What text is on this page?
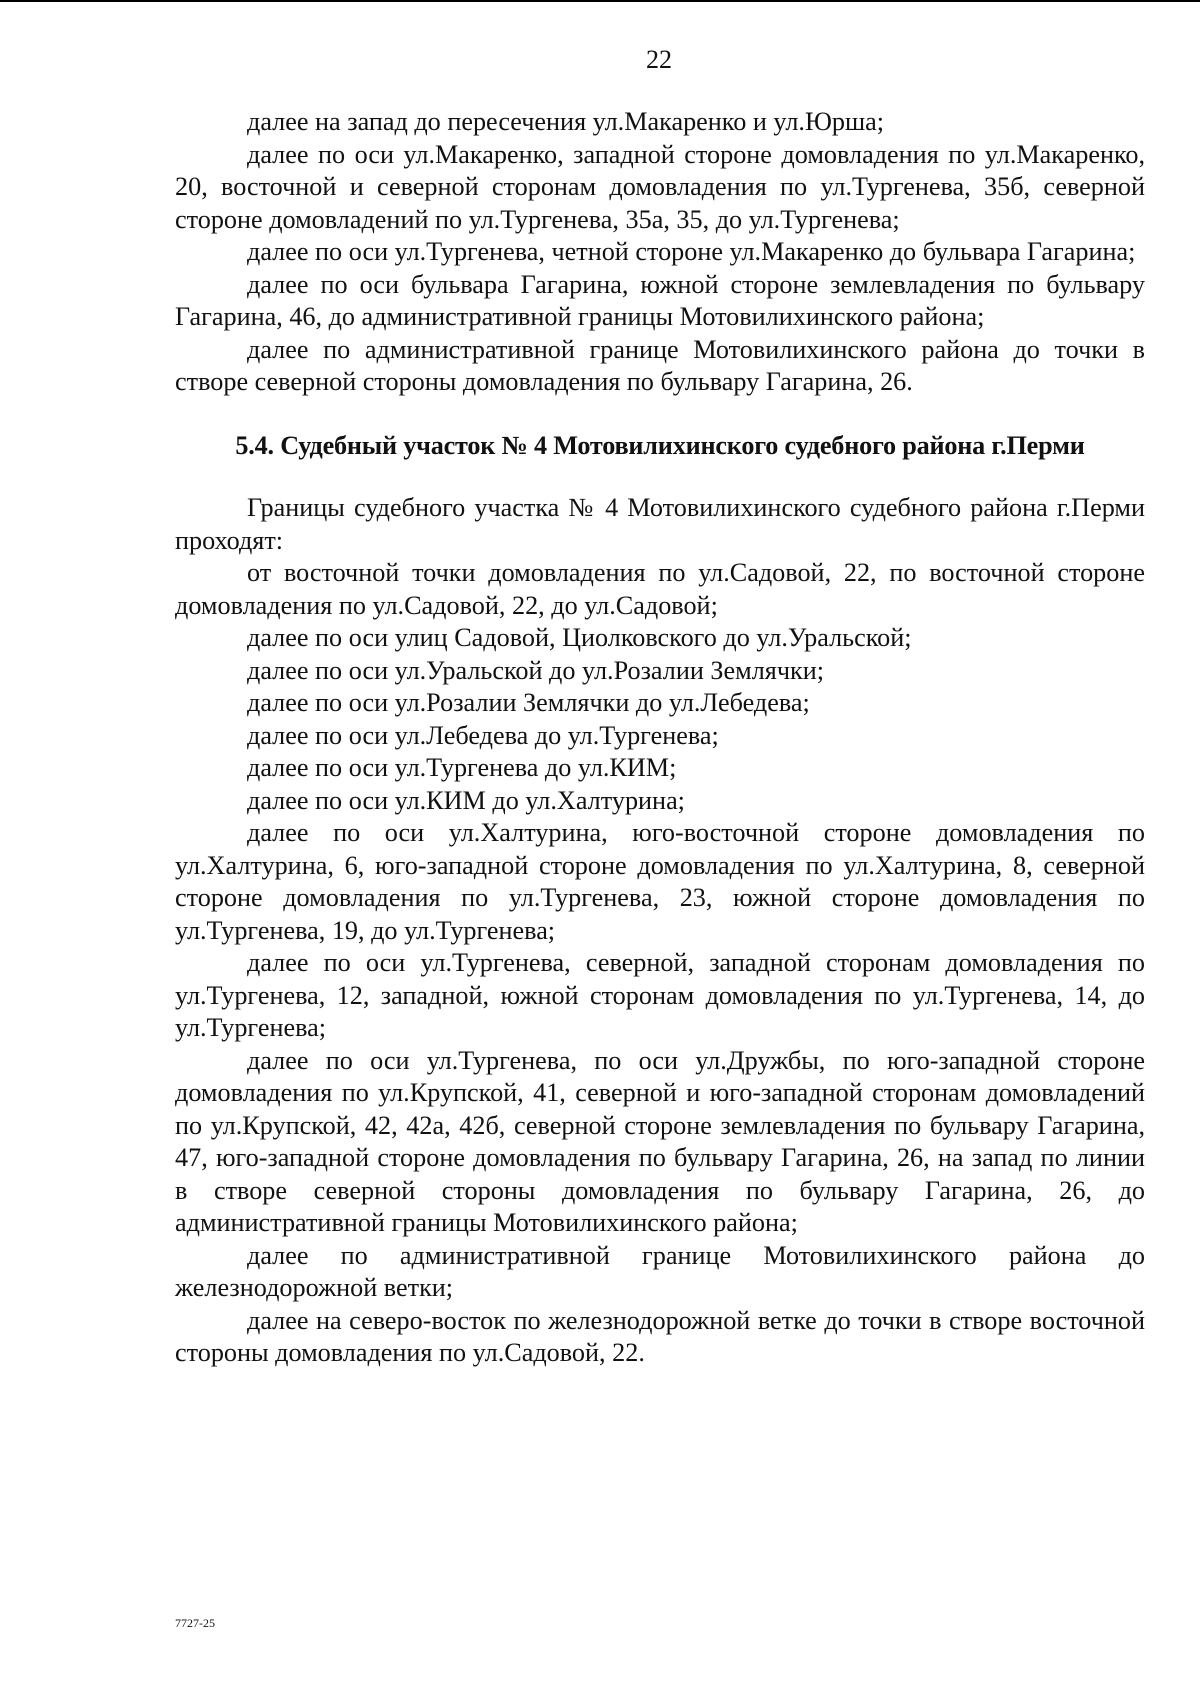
22

далее на запад до пересечения ул.Макаренко и ул.Юрша;

далее по оси ул.Макаренко, западной стороне домовладения по ул.Макаренко, 20, восточной и северной сторонам домовладения по ул.Тургенева, 35б, северной стороне домовладений по ул.Тургенева, 35а, 35, до ул.Тургенева;

далее по оси ул.Тургенева, четной стороне ул.Макаренко до бульвара Гагарина;

далее по оси бульвара Гагарина, южной стороне землевладения по бульвару Гагарина, 46, до административной границы Мотовилихинского района;

далее по административной границе Мотовилихинского района до точки в створе северной стороны домовладения по бульвару Гагарина, 26.

5.4. Судебный участок № 4 Мотовилихинского судебного района г.Перми

Границы судебного участка № 4 Мотовилихинского судебного района г.Перми проходят:

от восточной точки домовладения по ул.Садовой, 22, по восточной стороне домовладения по ул.Садовой, 22, до ул.Садовой;

далее по оси улиц Садовой, Циолковского до ул.Уральской;

далее по оси ул.Уральской до ул.Розалии Землячки;

далее по оси ул.Розалии Землячки до ул.Лебедева;

далее по оси ул.Лебедева до ул.Тургенева;

далее по оси ул.Тургенева до ул.КИМ;

далее по оси ул.КИМ до ул.Халтурина;

далее по оси ул.Халтурина, юго-восточной стороне домовладения по ул.Халтурина, 6, юго-западной стороне домовладения по ул.Халтурина, 8, северной стороне домовладения по ул.Тургенева, 23, южной стороне домовладения по ул.Тургенева, 19, до ул.Тургенева;

далее по оси ул.Тургенева, северной, западной сторонам домовладения по ул.Тургенева, 12, западной, южной сторонам домовладения по ул.Тургенева, 14, до ул.Тургенева;

далее по оси ул.Тургенева, по оси ул.Дружбы, по юго-западной стороне домовладения по ул.Крупской, 41, северной и юго-западной сторонам домовладений по ул.Крупской, 42, 42а, 42б, северной стороне землевладения по бульвару Гагарина, 47, юго-западной стороне домовладения по бульвару Гагарина, 26, на запад по линии в створе северной стороны домовладения по бульвару Гагарина, 26, до административной границы Мотовилихинского района;

далее по административной границе Мотовилихинского района до железнодорожной ветки;

далее на северо-восток по железнодорожной ветке до точки в створе восточной стороны домовладения по ул.Садовой, 22.

7727-25
